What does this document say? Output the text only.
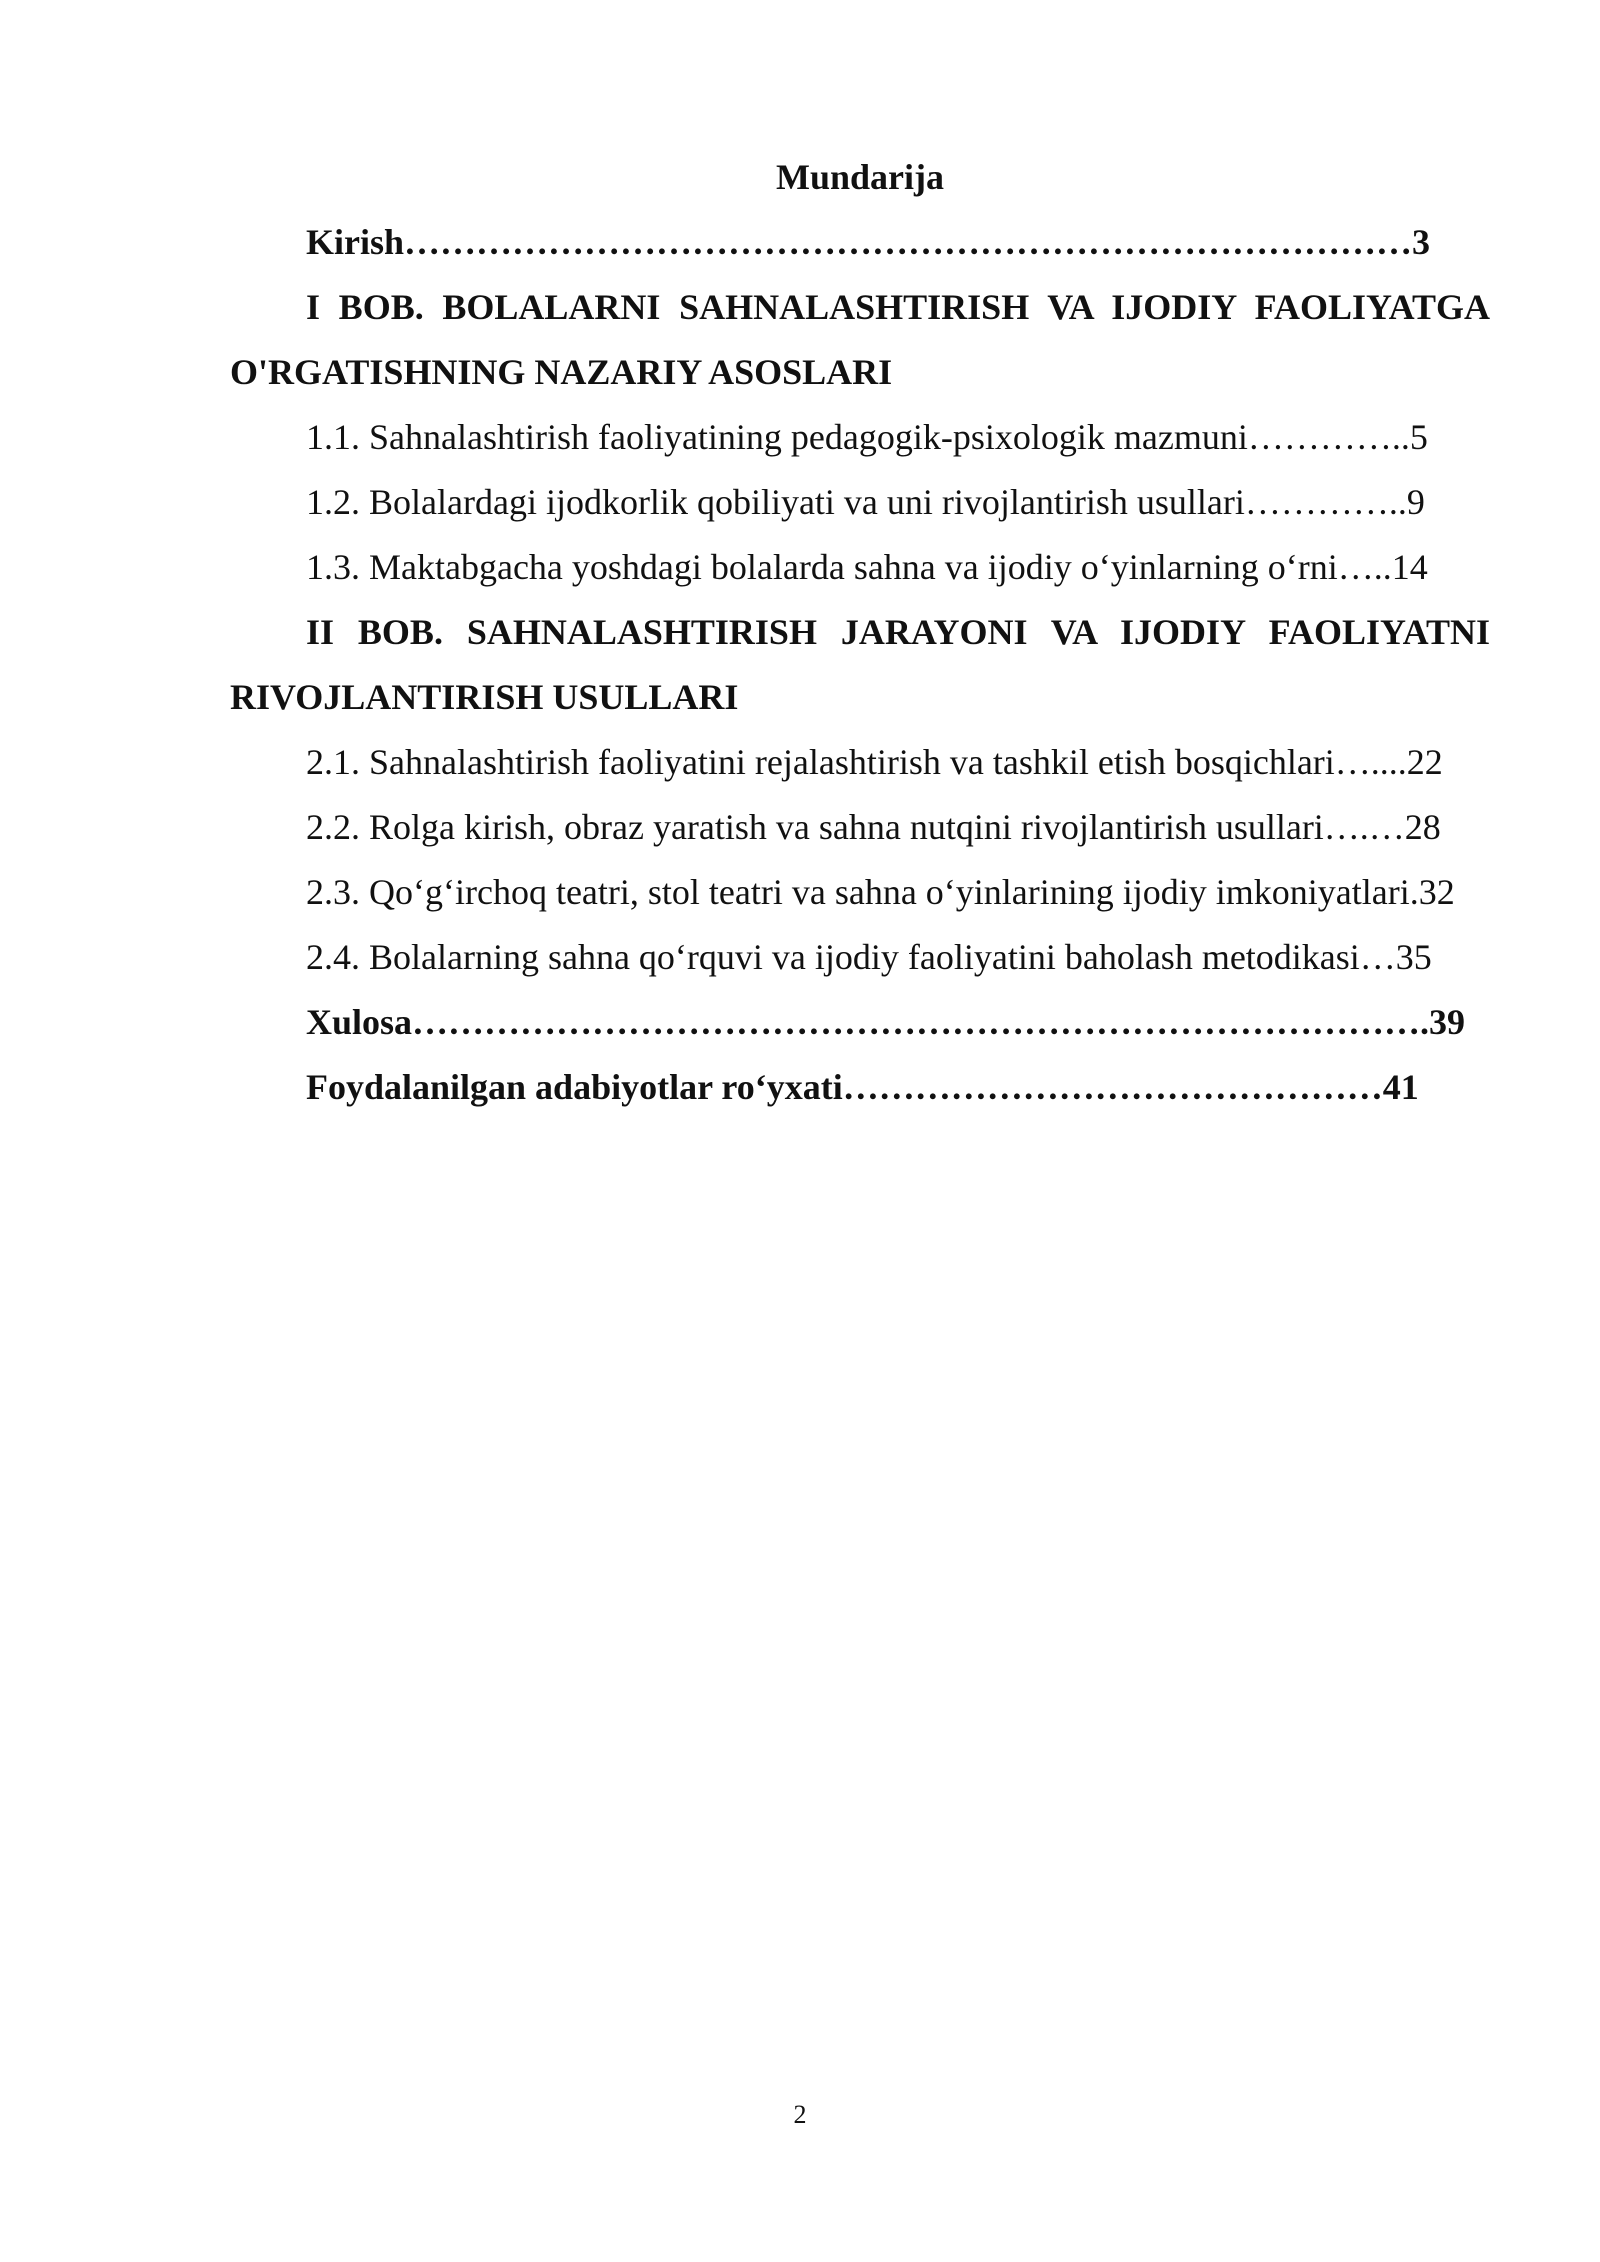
Mundarija

Kirish…………………………………………………………………………3

I BOB. BOLALARNI SAHNALASHTIRISH VA IJODIY FAOLIYATGA O'RGATISHNING NAZARIY ASOSLARI

1.1. Sahnalashtirish faoliyatining pedagogik-psixologik mazmuni…………..5

1.2. Bolalardagi ijodkorlik qobiliyati va uni rivojlantirish usullari…………..9

1.3. Maktabgacha yoshdagi bolalarda sahna va ijodiy o‘yinlarning o‘rni…..14

II BOB. SAHNALASHTIRISH JARAYONI VA IJODIY FAOLIYATNI RIVOJLANTIRISH USULLARI

2.1. Sahnalashtirish faoliyatini rejalashtirish va tashkil etish bosqichlari…....22

2.2. Rolga kirish, obraz yaratish va sahna nutqini rivojlantirish usullari….…28

2.3. Qo‘g‘irchoq teatri, stol teatri va sahna o‘yinlarining ijodiy imkoniyatlari.32

2.4. Bolalarning sahna qo‘rquvi va ijodiy faoliyatini baholash metodikasi…35

Xulosa………………………………………………………………………….39

Foydalanilgan adabiyotlar ro‘yxati………………………………………41

2
